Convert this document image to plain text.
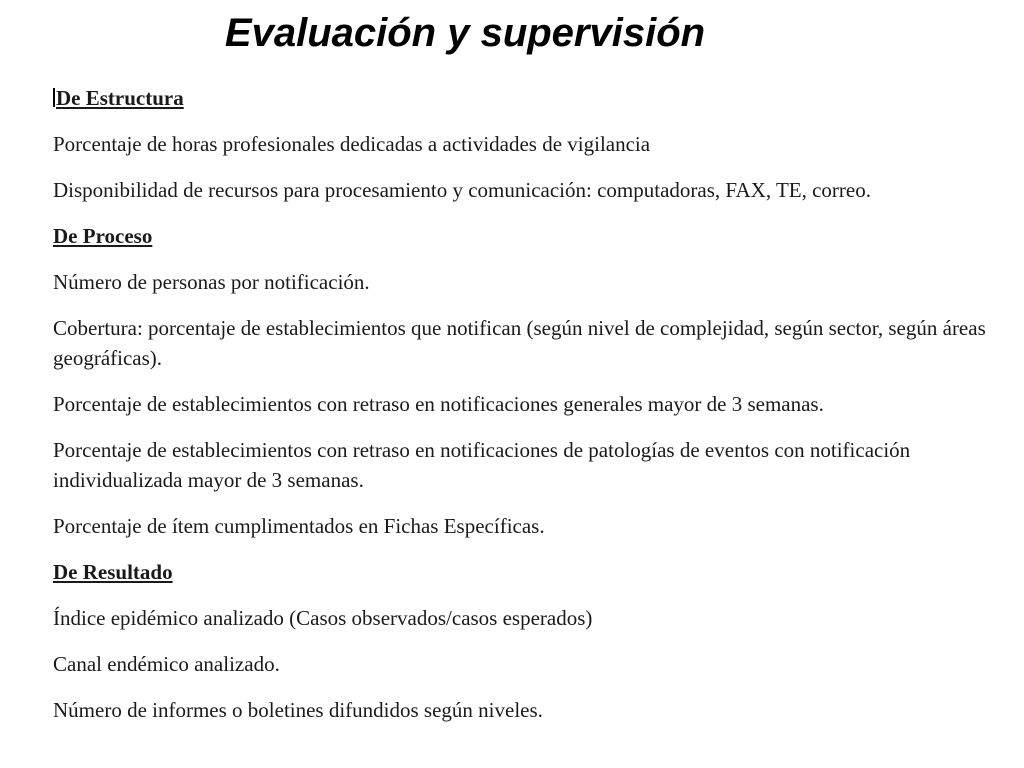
Evaluación y supervisión

De Estructura

Porcentaje de horas profesionales dedicadas a actividades de vigilancia

Disponibilidad de recursos para procesamiento y comunicación: computadoras, FAX, TE, correo.

De Proceso

Número de personas por notificación.

Cobertura: porcentaje de establecimientos que notifican (según nivel de complejidad, según sector, según áreas geográficas).

Porcentaje de establecimientos con retraso en notificaciones generales mayor de 3 semanas.

Porcentaje de establecimientos con retraso en notificaciones de patologías de eventos con notificación individualizada mayor de 3 semanas.

Porcentaje de ítem cumplimentados en Fichas Específicas.

De Resultado

Índice epidémico analizado (Casos observados/casos esperados)

Canal endémico analizado.

Número de informes o boletines difundidos según niveles.
